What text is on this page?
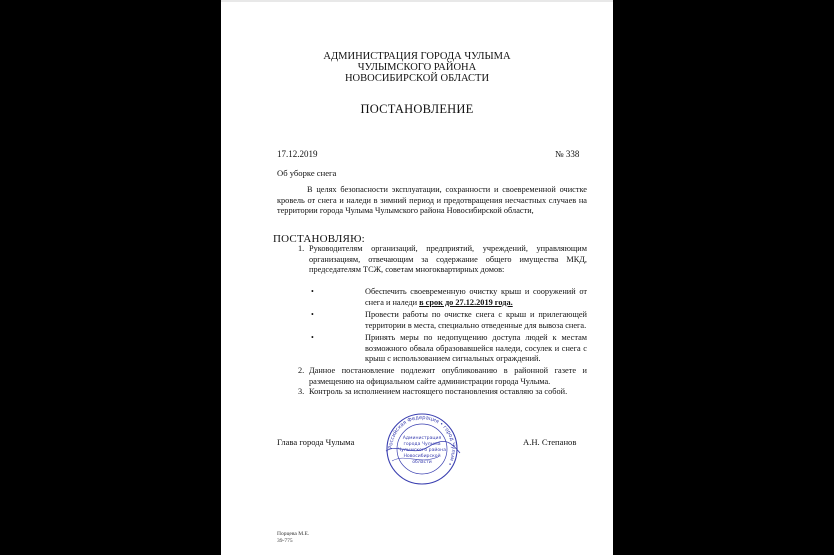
АДМИНИСТРАЦИЯ ГОРОДА ЧУЛЫМА
ЧУЛЫМСКОГО РАЙОНА
НОВОСИБИРСКОЙ ОБЛАСТИ
ПОСТАНОВЛЕНИЕ
17.12.2019	№ 338
Об уборке снега
В целях безопасности эксплуатации, сохранности и своевременной очистке кровель от снега и наледи в зимний период и предотвращения несчастных случаев на территории города Чулыма Чулымского района Новосибирской области,
ПОСТАНОВЛЯЮ:
1. Руководителям организаций, предприятий, учреждений, управляющим организациям, отвечающим за содержание общего имущества МКД, председателям ТСЖ, советам многоквартирных домов:
•	Обеспечить своевременную очистку крыш и сооружений от снега и наледи в срок до 27.12.2019 года.
•	Провести работы по очистке снега с крыш и прилегающей территории в места, специально отведенные для вывоза снега.
•	Принять меры по недопущению доступа людей к местам возможного обвала образовавшейся наледи, сосулек и снега с крыш с использованием сигнальных ограждений.
2. Данное постановление подлежит опубликованию в районной газете и размещению на официальном сайте администрации города Чулыма.
3. Контроль за исполнением настоящего постановления оставляю за собой.
Глава города Чулыма	А.Н. Степанов
Российская Федерация • город Чулым •
Администрация
города Чулыма
Чулымского района
Новосибирской
области
Порцева М.Е.
39-775
